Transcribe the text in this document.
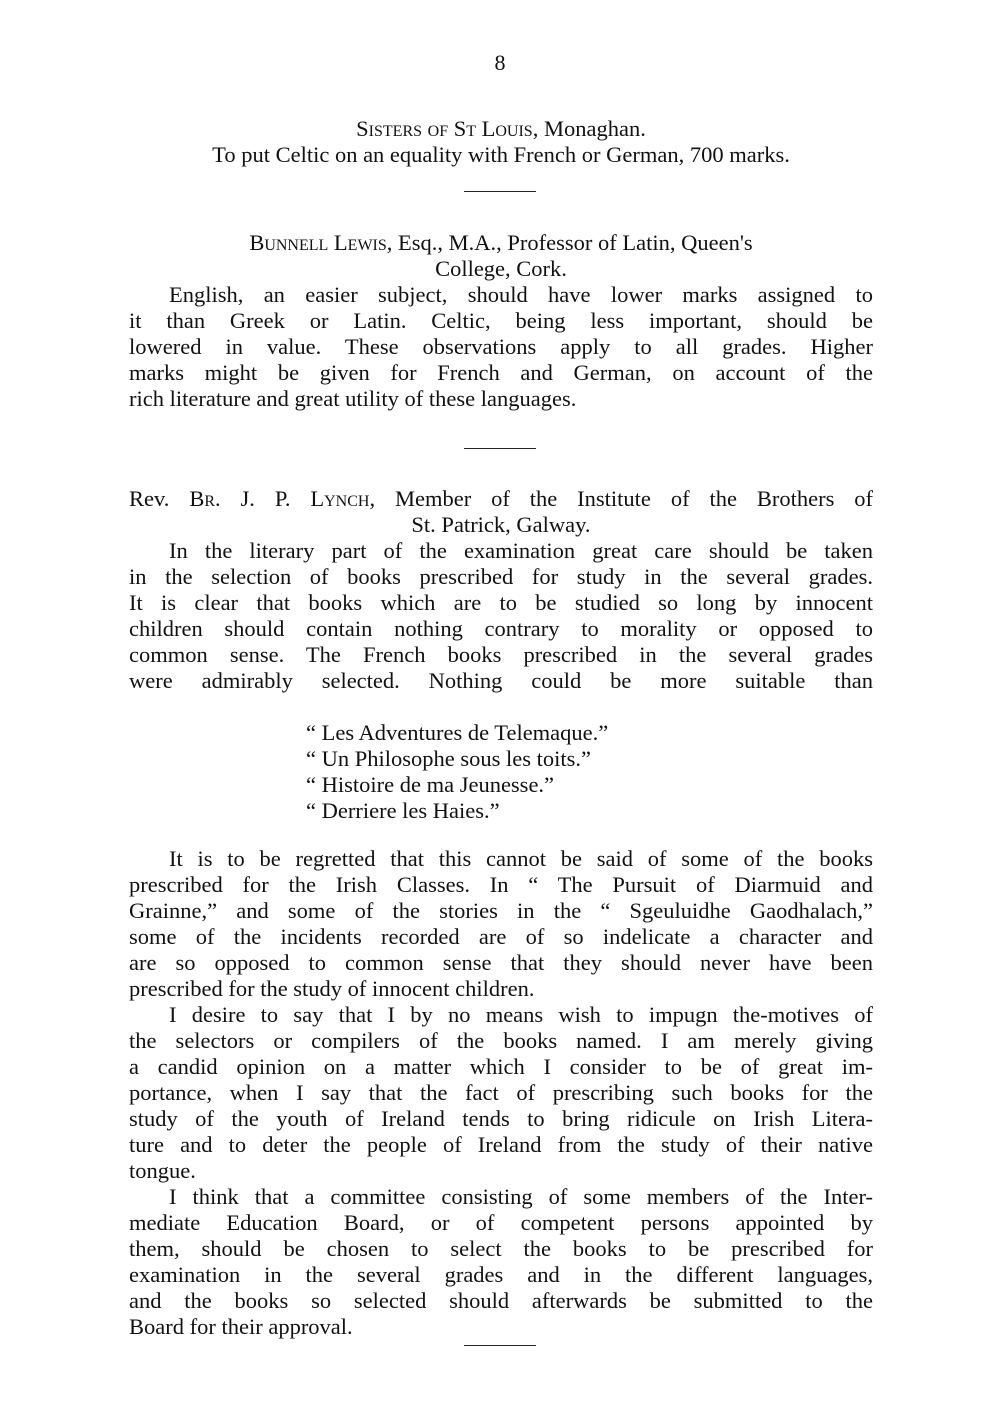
8
Sisters of St Louis, Monaghan.
To put Celtic on an equality with French or German, 700 marks.
Bunnell Lewis, Esq., M.A., Professor of Latin, Queen's
College, Cork.
English, an easier subject, should have lower marks assigned to
it than Greek or Latin. Celtic, being less important, should be
lowered in value. These observations apply to all grades. Higher
marks might be given for French and German, on account of the
rich literature and great utility of these languages.
Rev. Br. J. P. Lynch, Member of the Institute of the Brothers of
St. Patrick, Galway.
In the literary part of the examination great care should be taken
in the selection of books prescribed for study in the several grades.
It is clear that books which are to be studied so long by innocent
children should contain nothing contrary to morality or opposed to
common sense. The French books prescribed in the several grades
were admirably selected. Nothing could be more suitable than
“ Les Adventures de Telemaque.”
“ Un Philosophe sous les toits.”
“ Histoire de ma Jeunesse.”
“ Derriere les Haies.”
It is to be regretted that this cannot be said of some of the books
prescribed for the Irish Classes. In “ The Pursuit of Diarmuid and
Grainne,” and some of the stories in the “ Sgeuluidhe Gaodhalach,”
some of the incidents recorded are of so indelicate a character and
are so opposed to common sense that they should never have been
prescribed for the study of innocent children.
I desire to say that I by no means wish to impugn the-motives of
the selectors or compilers of the books named. I am merely giving
a candid opinion on a matter which I consider to be of great im-
portance, when I say that the fact of prescribing such books for the
study of the youth of Ireland tends to bring ridicule on Irish Litera-
ture and to deter the people of Ireland from the study of their native
tongue.
I think that a committee consisting of some members of the Inter-
mediate Education Board, or of competent persons appointed by
them, should be chosen to select the books to be prescribed for
examination in the several grades and in the different languages,
and the books so selected should afterwards be submitted to the
Board for their approval.
